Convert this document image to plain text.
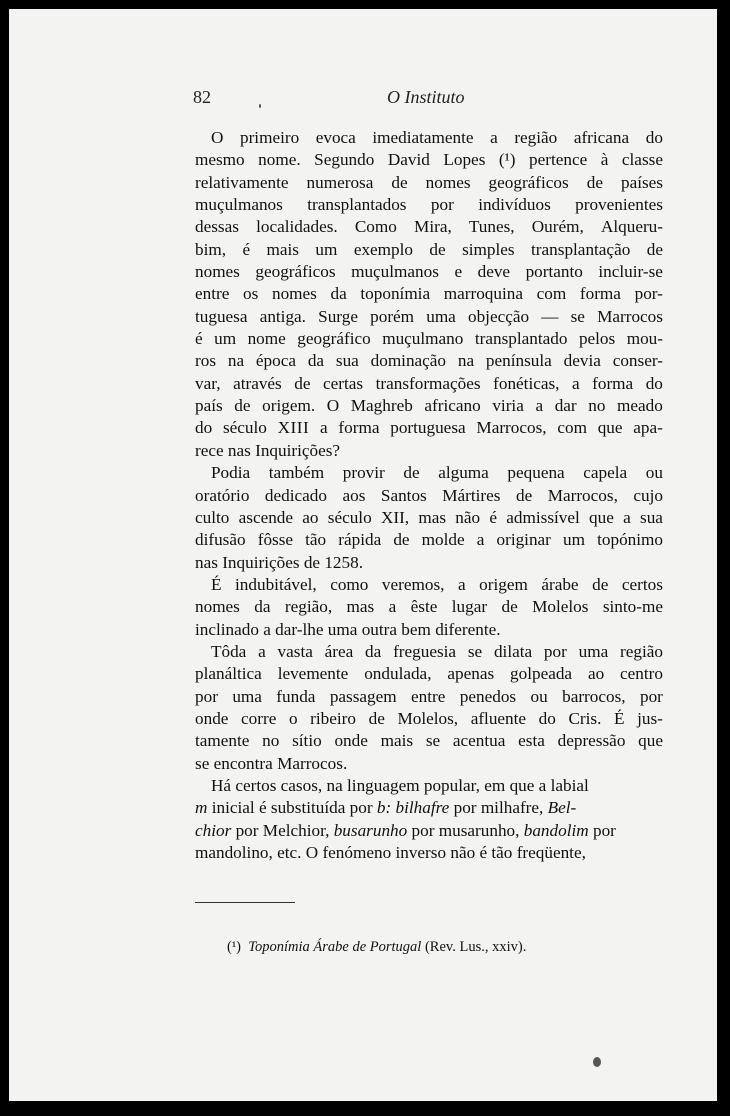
82	O Instituto
O primeiro evoca imediatamente a região africana do
mesmo nome. Segundo David Lopes (¹) pertence à classe
relativamente numerosa de nomes geográficos de países
muçulmanos transplantados por indivíduos provenientes
dessas localidades. Como Mira, Tunes, Ourém, Alqueru-
bim, é mais um exemplo de simples transplantação de
nomes geográficos muçulmanos e deve portanto incluir-se
entre os nomes da toponímia marroquina com forma por-
tuguesa antiga. Surge porém uma objecção — se Marrocos
é um nome geográfico muçulmano transplantado pelos mou-
ros na época da sua dominação na península devia conser-
var, através de certas transformações fonéticas, a forma do
país de origem. O Maghreb africano viria a dar no meado
do século XIII a forma portuguesa Marrocos, com que apa-
rece nas Inquirições?
Podia também provir de alguma pequena capela ou
oratório dedicado aos Santos Mártires de Marrocos, cujo
culto ascende ao século XII, mas não é admissível que a sua
difusão fôsse tão rápida de molde a originar um topónimo
nas Inquirições de 1258.
É indubitável, como veremos, a origem árabe de certos
nomes da região, mas a êste lugar de Molelos sinto-me
inclinado a dar-lhe uma outra bem diferente.
Tôda a vasta área da freguesia se dilata por uma região
planáltica levemente ondulada, apenas golpeada ao centro
por uma funda passagem entre penedos ou barrocos, por
onde corre o ribeiro de Molelos, afluente do Cris. É jus-
tamente no sítio onde mais se acentua esta depressão que
se encontra Marrocos.
Há certos casos, na linguagem popular, em que a labial
m inicial é substituída por b: bilhafre por milhafre, Bel-
chior por Melchior, busarunho por musarunho, bandolim por
mandolino, etc. O fenómeno inverso não é tão freqüente,
(¹) Toponímia Árabe de Portugal (Rev. Lus., xxiv).
